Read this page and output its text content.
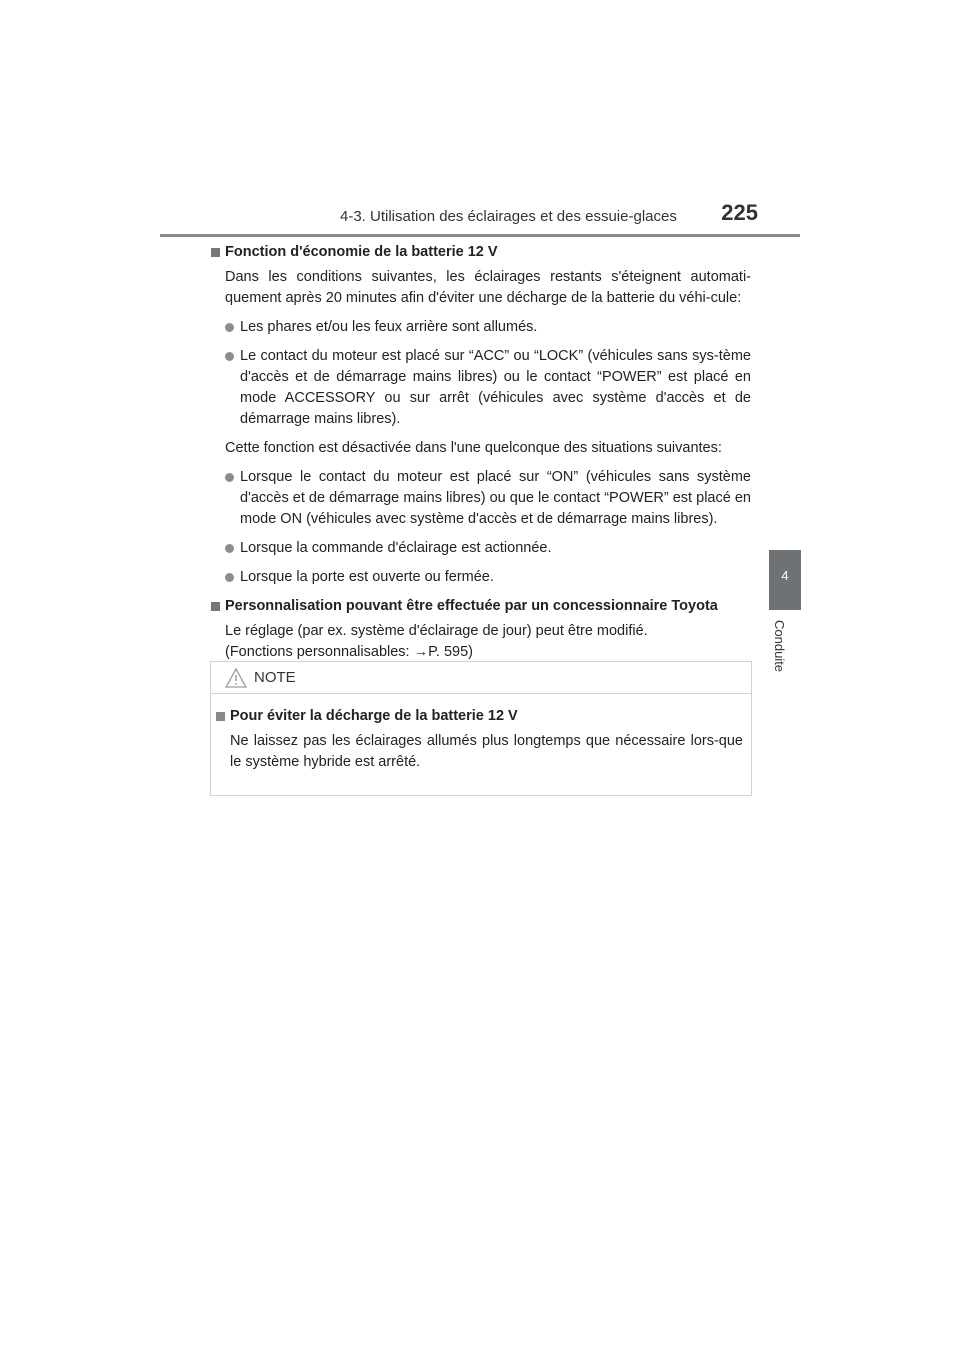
4-3. Utilisation des éclairages et des essuie-glaces 225
4
Conduite
Fonction d'économie de la batterie 12 V
Dans les conditions suivantes, les éclairages restants s'éteignent automati-quement après 20 minutes afin d'éviter une décharge de la batterie du véhi-cule:
Les phares et/ou les feux arrière sont allumés.
Le contact du moteur est placé sur “ACC” ou “LOCK” (véhicules sans sys-tème d'accès et de démarrage mains libres) ou le contact “POWER” est placé en mode ACCESSORY ou sur arrêt (véhicules avec système d'accès et de démarrage mains libres).
Cette fonction est désactivée dans l'une quelconque des situations suivantes:
Lorsque le contact du moteur est placé sur “ON” (véhicules sans système d'accès et de démarrage mains libres) ou que le contact “POWER” est placé en mode ON (véhicules avec système d'accès et de démarrage mains libres).
Lorsque la commande d'éclairage est actionnée.
Lorsque la porte est ouverte ou fermée.
Personnalisation pouvant être effectuée par un concessionnaire Toyota
Le réglage (par ex. système d'éclairage de jour) peut être modifié.
(Fonctions personnalisables: →P. 595)
NOTE
Pour éviter la décharge de la batterie 12 V
Ne laissez pas les éclairages allumés plus longtemps que nécessaire lors-que le système hybride est arrêté.
